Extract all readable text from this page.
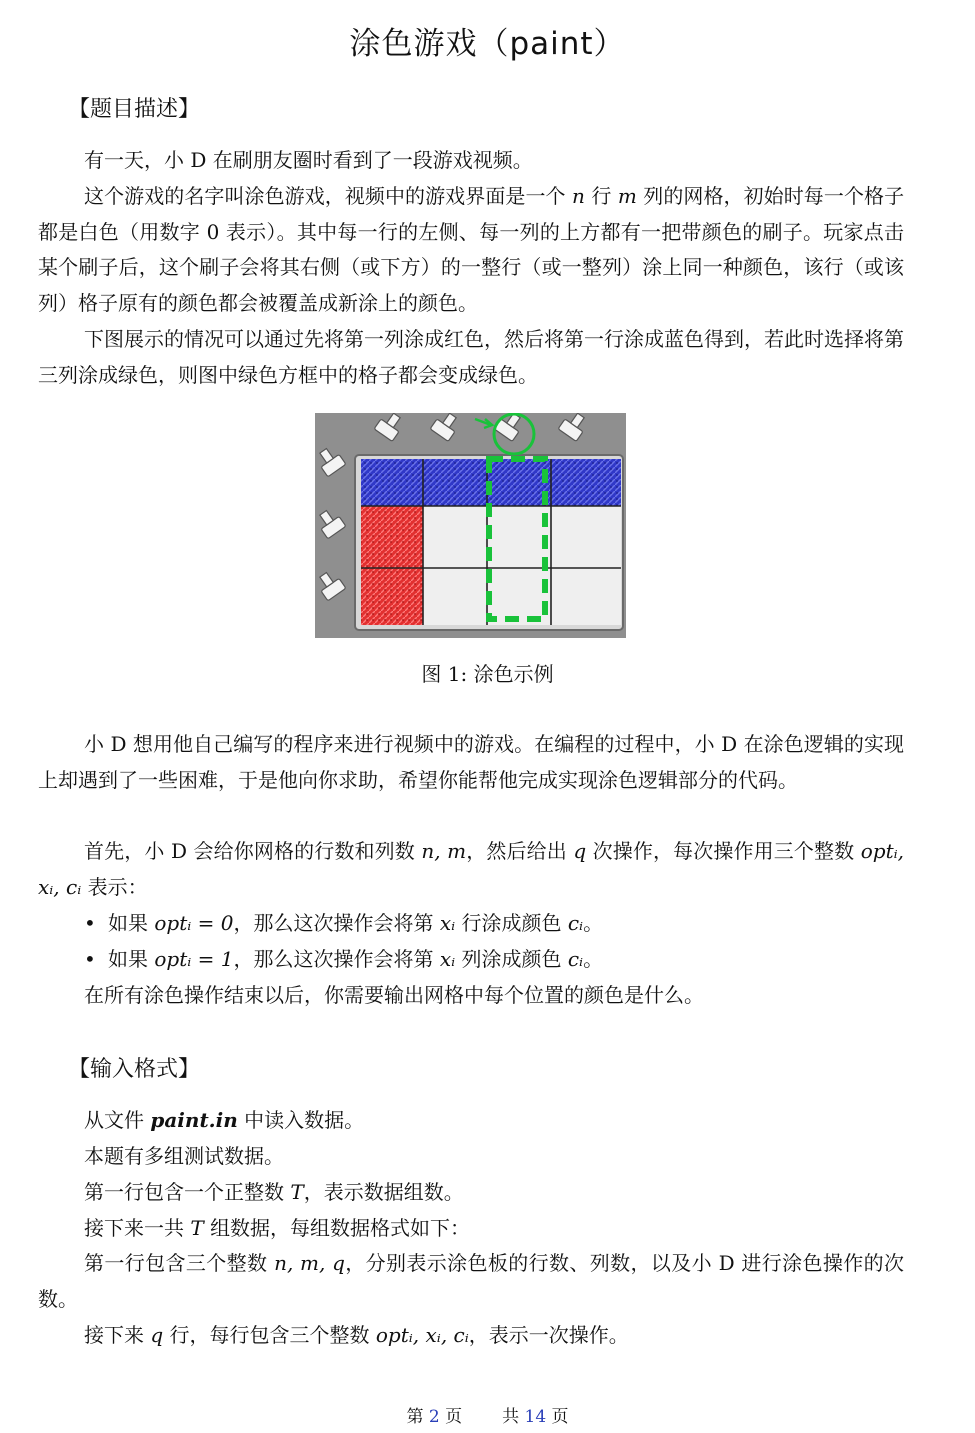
涂色游戏（paint）
【题目描述】
有一天，小 D 在刷朋友圈时看到了一段游戏视频。
这个游戏的名字叫涂色游戏，视频中的游戏界面是一个 n 行 m 列的网格，初始时每一个格子都是白色（用数字 0 表示）。其中每一行的左侧、每一列的上方都有一把带颜色的刷子。玩家点击某个刷子后，这个刷子会将其右侧（或下方）的一整行（或一整列）涂上同一种颜色，该行（或该列）格子原有的颜色都会被覆盖成新涂上的颜色。
下图展示的情况可以通过先将第一列涂成红色，然后将第一行涂成蓝色得到，若此时选择将第三列涂成绿色，则图中绿色方框中的格子都会变成绿色。
图 1: 涂色示例
小 D 想用他自己编写的程序来进行视频中的游戏。在编程的过程中，小 D 在涂色逻辑的实现上却遇到了一些困难，于是他向你求助，希望你能帮他完成实现涂色逻辑部分的代码。
首先，小 D 会给你网格的行数和列数 n, m，然后给出 q 次操作，每次操作用三个整数 optᵢ, xᵢ, cᵢ 表示：
• 如果 optᵢ = 0，那么这次操作会将第 xᵢ 行涂成颜色 cᵢ。
• 如果 optᵢ = 1，那么这次操作会将第 xᵢ 列涂成颜色 cᵢ。
在所有涂色操作结束以后，你需要输出网格中每个位置的颜色是什么。
【输入格式】
从文件 paint.in 中读入数据。
本题有多组测试数据。
第一行包含一个正整数 T，表示数据组数。
接下来一共 T 组数据，每组数据格式如下：
第一行包含三个整数 n, m, q，分别表示涂色板的行数、列数，以及小 D 进行涂色操作的次数。
接下来 q 行，每行包含三个整数 optᵢ, xᵢ, cᵢ，表示一次操作。
第 2 页 共 14 页
